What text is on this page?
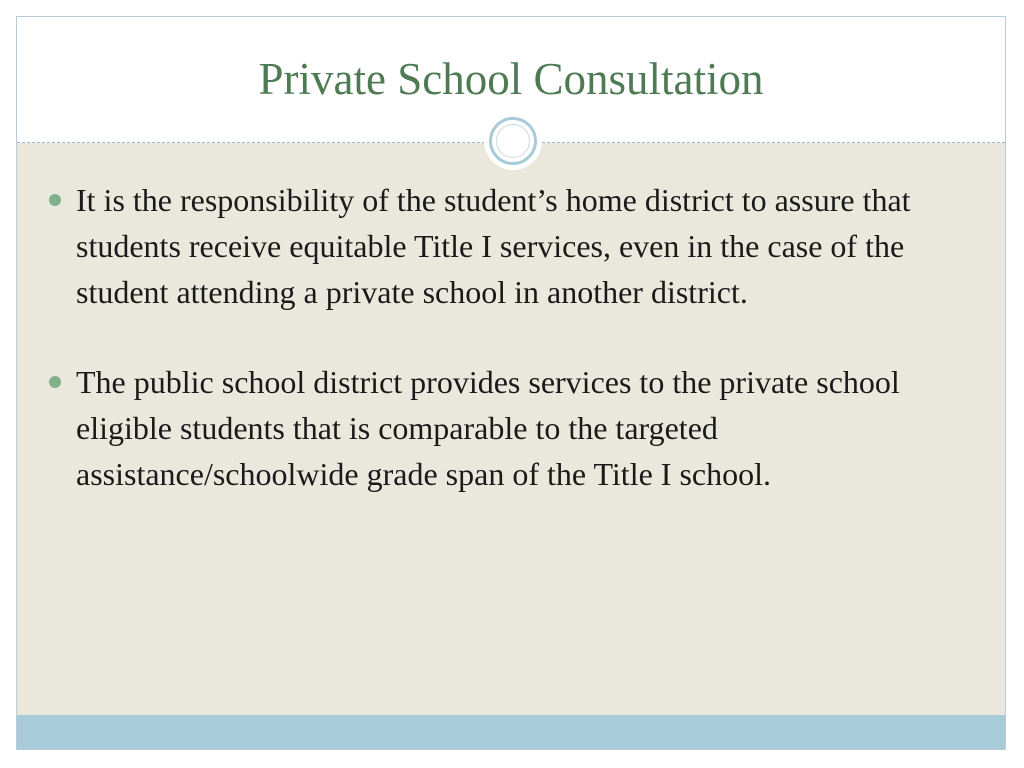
Private School Consultation
It is the responsibility of the student’s home district to assure that students receive equitable Title I services, even in the case of the student attending a private school in another district.
The public school district provides services to the private school eligible students that is comparable to the targeted assistance/schoolwide grade span of the Title I school.
